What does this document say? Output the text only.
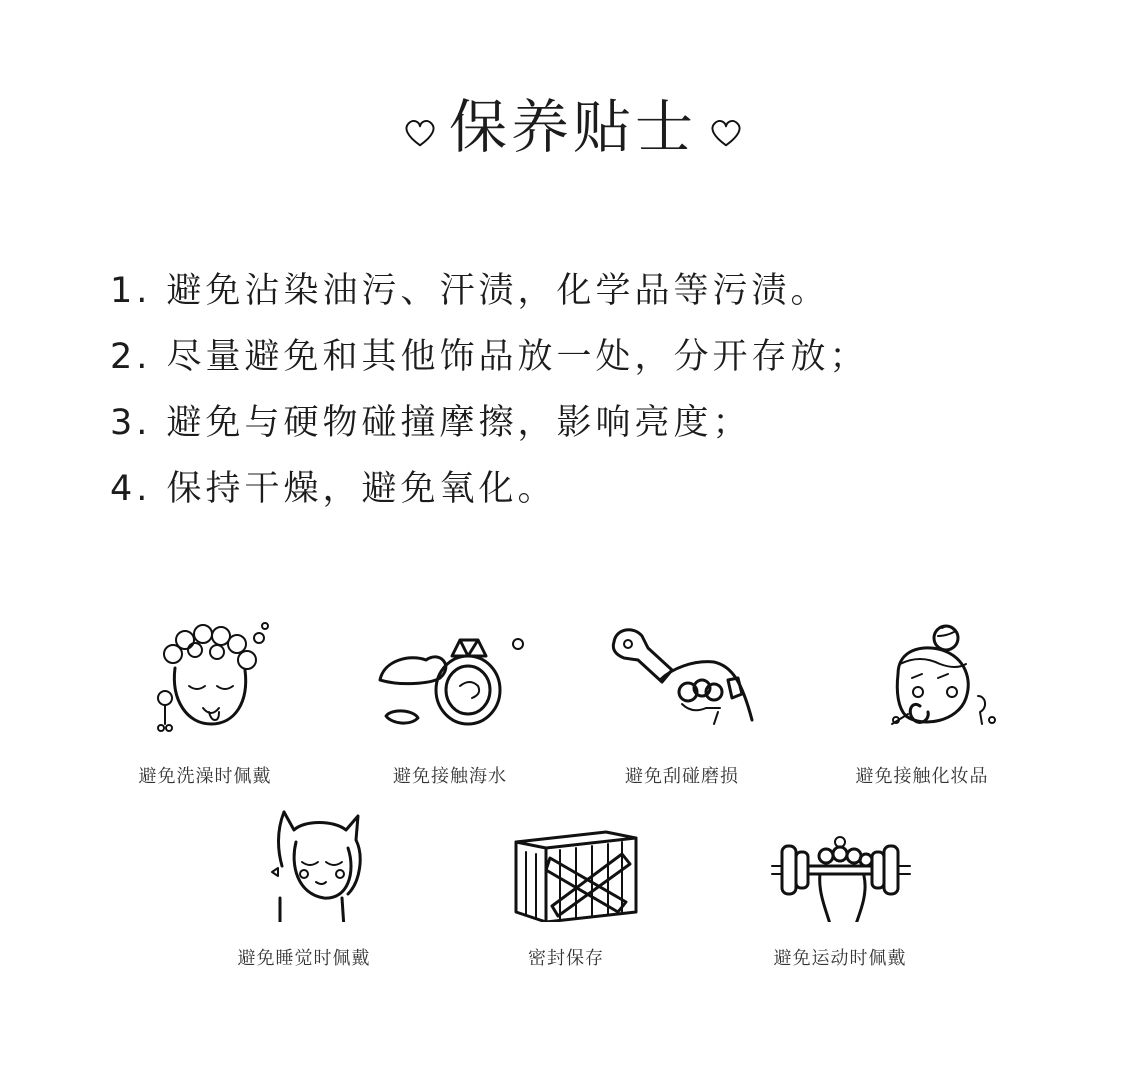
保养贴士
1. 避免沾染油污、汗渍，化学品等污渍。
2. 尽量避免和其他饰品放一处，分开存放；
3. 避免与硬物碰撞摩擦，影响亮度；
4. 保持干燥，避免氧化。
避免洗澡时佩戴	避免接触海水	避免刮碰磨损	避免接触化妆品
避免睡觉时佩戴	密封保存	避免运动时佩戴
